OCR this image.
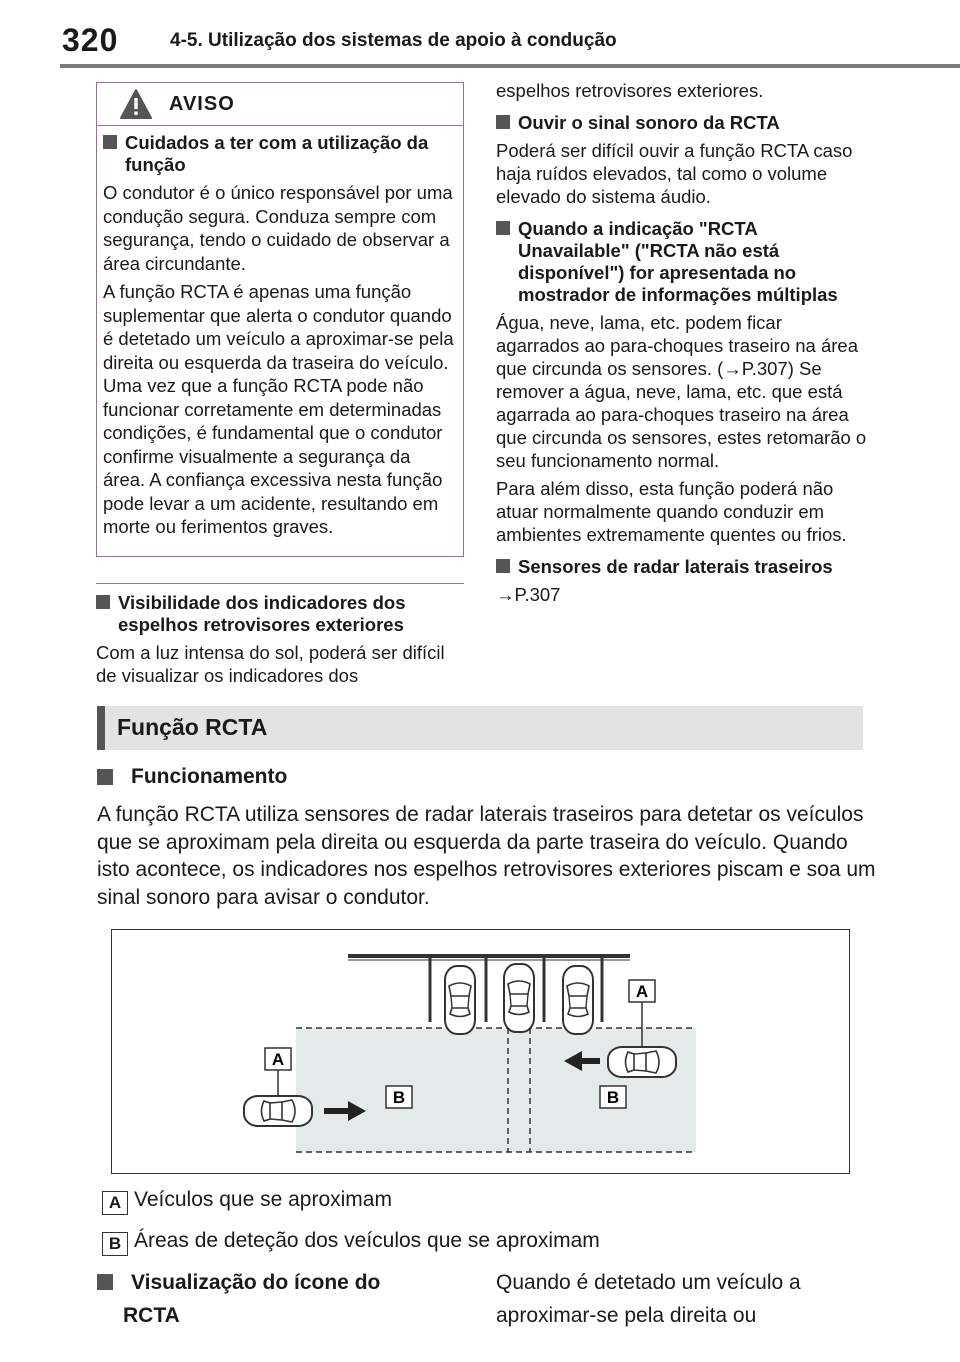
320	4-5. Utilização dos sistemas de apoio à condução
AVISO
Cuidados a ter com a utilização da função

O condutor é o único responsável por uma condução segura. Conduza sempre com segurança, tendo o cuidado de observar a área circundante.

A função RCTA é apenas uma função suplementar que alerta o condutor quando é detetado um veículo a aproximar-se pela direita ou esquerda da traseira do veículo. Uma vez que a função RCTA pode não funcionar corretamente em determinadas condições, é fundamental que o condutor confirme visualmente a segurança da área. A confiança excessiva nesta função pode levar a um acidente, resultando em morte ou ferimentos graves.

Visibilidade dos indicadores dos espelhos retrovisores exteriores

Com a luz intensa do sol, poderá ser difícil de visualizar os indicadores dos

espelhos retrovisores exteriores.

Ouvir o sinal sonoro da RCTA

Poderá ser difícil ouvir a função RCTA caso haja ruídos elevados, tal como o volume elevado do sistema áudio.

Quando a indicação "RCTA Unavailable" ("RCTA não está disponível") for apresentada no mostrador de informações múltiplas

Água, neve, lama, etc. podem ficar agarrados ao para-choques traseiro na área que circunda os sensores. (→P.307) Se remover a água, neve, lama, etc. que está agarrada ao para-choques traseiro na área que circunda os sensores, estes retomarão o seu funcionamento normal.

Para além disso, esta função poderá não atuar normalmente quando conduzir em ambientes extremamente quentes ou frios.

Sensores de radar laterais traseiros

→P.307

Função RCTA
Funcionamento
A função RCTA utiliza sensores de radar laterais traseiros para detetar os veículos que se aproximam pela direita ou esquerda da parte traseira do veículo. Quando isto acontece, os indicadores nos espelhos retrovisores exteriores piscam e soa um sinal sonoro para avisar o condutor.
A
A
B	B
A Veículos que se aproximam
B Áreas de deteção dos veículos que se aproximam
Visualização do ícone do
RCTA
Quando é detetado um veículo a
aproximar-se pela direita ou
